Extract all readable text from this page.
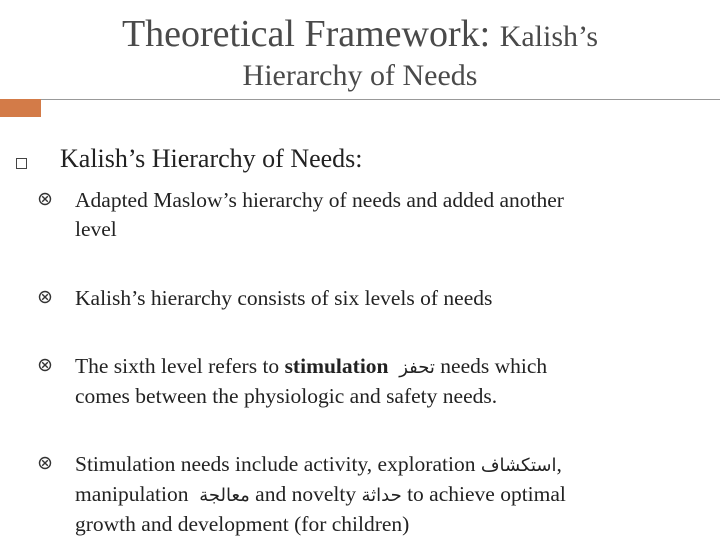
Theoretical Framework: Kalish’s
Hierarchy of Needs
Kalish’s Hierarchy of Needs:
Adapted Maslow’s hierarchy of needs and added another
level
Kalish’s hierarchy consists of six levels of needs
The sixth level refers to stimulation تحفز needs which
comes between the physiologic and safety needs.
Stimulation needs include activity, exploration استكشاف,
manipulation  معالجة and novelty حداثة to achieve optimal
growth and development (for children)
